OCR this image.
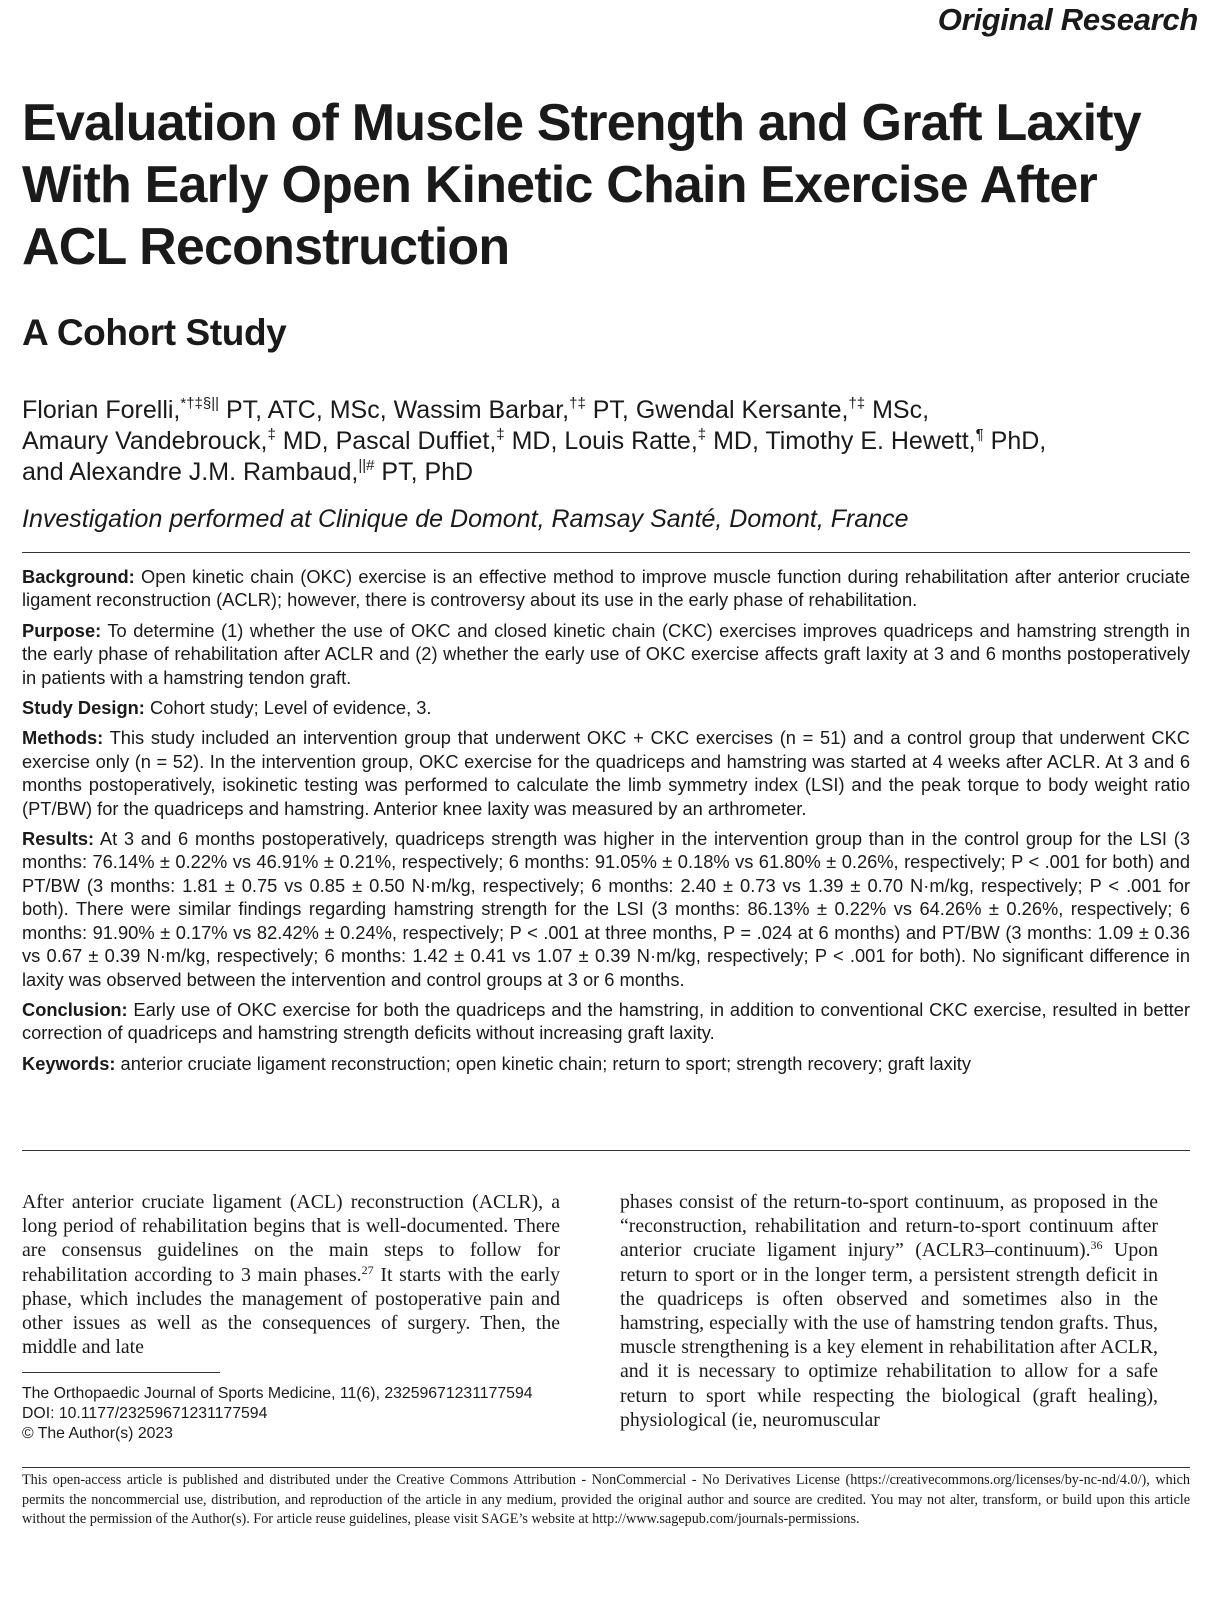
Original Research
Evaluation of Muscle Strength and Graft Laxity With Early Open Kinetic Chain Exercise After ACL Reconstruction
A Cohort Study
Florian Forelli,*†‡§|| PT, ATC, MSc, Wassim Barbar,†‡ PT, Gwendal Kersante,†‡ MSc,
Amaury Vandebrouck,‡ MD, Pascal Duffiet,‡ MD, Louis Ratte,‡ MD, Timothy E. Hewett,¶ PhD,
and Alexandre J.M. Rambaud,||# PT, PhD
Investigation performed at Clinique de Domont, Ramsay Santé, Domont, France

Background: Open kinetic chain (OKC) exercise is an effective method to improve muscle function during rehabilitation after anterior cruciate ligament reconstruction (ACLR); however, there is controversy about its use in the early phase of rehabilitation.

Purpose: To determine (1) whether the use of OKC and closed kinetic chain (CKC) exercises improves quadriceps and hamstring strength in the early phase of rehabilitation after ACLR and (2) whether the early use of OKC exercise affects graft laxity at 3 and 6 months postoperatively in patients with a hamstring tendon graft.

Study Design: Cohort study; Level of evidence, 3.

Methods: This study included an intervention group that underwent OKC + CKC exercises (n = 51) and a control group that underwent CKC exercise only (n = 52). In the intervention group, OKC exercise for the quadriceps and hamstring was started at 4 weeks after ACLR. At 3 and 6 months postoperatively, isokinetic testing was performed to calculate the limb symmetry index (LSI) and the peak torque to body weight ratio (PT/BW) for the quadriceps and hamstring. Anterior knee laxity was measured by an arthrometer.

Results: At 3 and 6 months postoperatively, quadriceps strength was higher in the intervention group than in the control group for the LSI (3 months: 76.14% ± 0.22% vs 46.91% ± 0.21%, respectively; 6 months: 91.05% ± 0.18% vs 61.80% ± 0.26%, respectively; P < .001 for both) and PT/BW (3 months: 1.81 ± 0.75 vs 0.85 ± 0.50 N·m/kg, respectively; 6 months: 2.40 ± 0.73 vs 1.39 ± 0.70 N·m/kg, respectively; P < .001 for both). There were similar findings regarding hamstring strength for the LSI (3 months: 86.13% ± 0.22% vs 64.26% ± 0.26%, respectively; 6 months: 91.90% ± 0.17% vs 82.42% ± 0.24%, respectively; P < .001 at three months, P = .024 at 6 months) and PT/BW (3 months: 1.09 ± 0.36 vs 0.67 ± 0.39 N·m/kg, respectively; 6 months: 1.42 ± 0.41 vs 1.07 ± 0.39 N·m/kg, respectively; P < .001 for both). No significant difference in laxity was observed between the intervention and control groups at 3 or 6 months.

Conclusion: Early use of OKC exercise for both the quadriceps and the hamstring, in addition to conventional CKC exercise, resulted in better correction of quadriceps and hamstring strength deficits without increasing graft laxity.

Keywords: anterior cruciate ligament reconstruction; open kinetic chain; return to sport; strength recovery; graft laxity

After anterior cruciate ligament (ACL) reconstruction (ACLR), a long period of rehabilitation begins that is well-documented. There are consensus guidelines on the main steps to follow for rehabilitation according to 3 main phases.$^{27}$ It starts with the early phase, which includes the management of postoperative pain and other issues as well as the consequences of surgery. Then, the middle and late

phases consist of the return-to-sport continuum, as proposed in the “reconstruction, rehabilitation and return-to-sport continuum after anterior cruciate ligament injury” (ACLR3–continuum).$^{36}$ Upon return to sport or in the longer term, a persistent strength deficit in the quadriceps is often observed and sometimes also in the hamstring, especially with the use of hamstring tendon grafts. Thus, muscle strengthening is a key element in rehabilitation after ACLR, and it is necessary to optimize rehabilitation to allow for a safe return to sport while respecting the biological (graft healing), physiological (ie, neuromuscular

The Orthopaedic Journal of Sports Medicine, 11(6), 23259671231177594
DOI: 10.1177/23259671231177594
© The Author(s) 2023
This open-access article is published and distributed under the Creative Commons Attribution - NonCommercial - No Derivatives License (https://creativecommons.org/licenses/by-nc-nd/4.0/), which permits the noncommercial use, distribution, and reproduction of the article in any medium, provided the original author and source are credited. You may not alter, transform, or build upon this article without the permission of the Author(s). For article reuse guidelines, please visit SAGE’s website at http://www.sagepub.com/journals-permissions.
